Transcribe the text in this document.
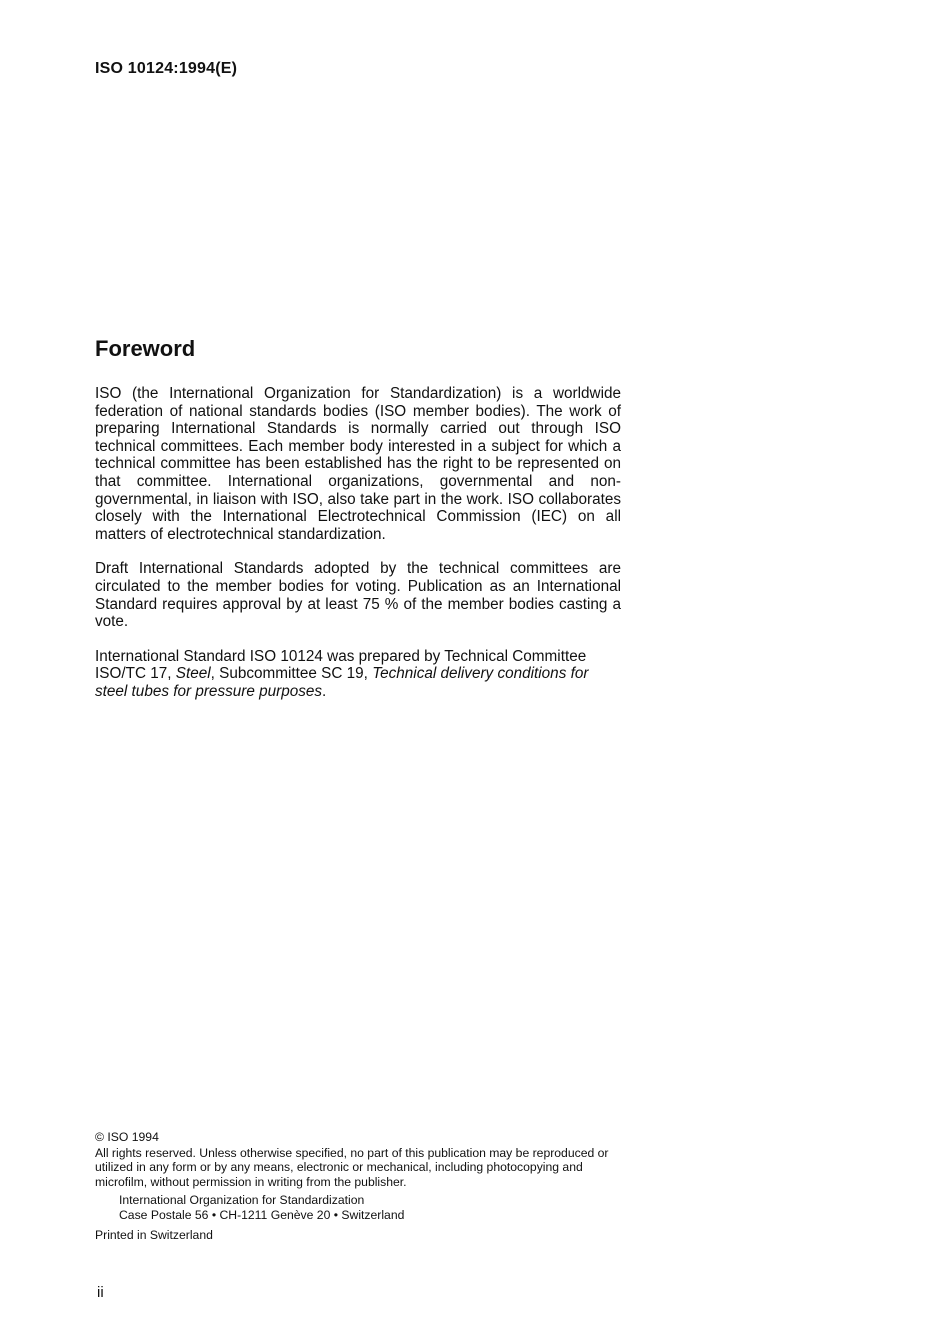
ISO 10124:1994(E)
Foreword

ISO (the International Organization for Standardization) is a worldwide federation of national standards bodies (ISO member bodies). The work of preparing International Standards is normally carried out through ISO technical committees. Each member body interested in a subject for which a technical committee has been established has the right to be represented on that committee. International organizations, governmental and non-governmental, in liaison with ISO, also take part in the work. ISO collaborates closely with the International Electrotechnical Commission (IEC) on all matters of electrotechnical standardization.

Draft International Standards adopted by the technical committees are circulated to the member bodies for voting. Publication as an International Standard requires approval by at least 75 % of the member bodies casting a vote.

International Standard ISO 10124 was prepared by Technical Committee ISO/TC 17, Steel, Subcommittee SC 19, Technical delivery conditions for steel tubes for pressure purposes.

© ISO 1994
All rights reserved. Unless otherwise specified, no part of this publication may be reproduced or utilized in any form or by any means, electronic or mechanical, including photocopying and microfilm, without permission in writing from the publisher.
International Organization for Standardization
Case Postale 56 • CH-1211 Genève 20 • Switzerland
Printed in Switzerland
ii
